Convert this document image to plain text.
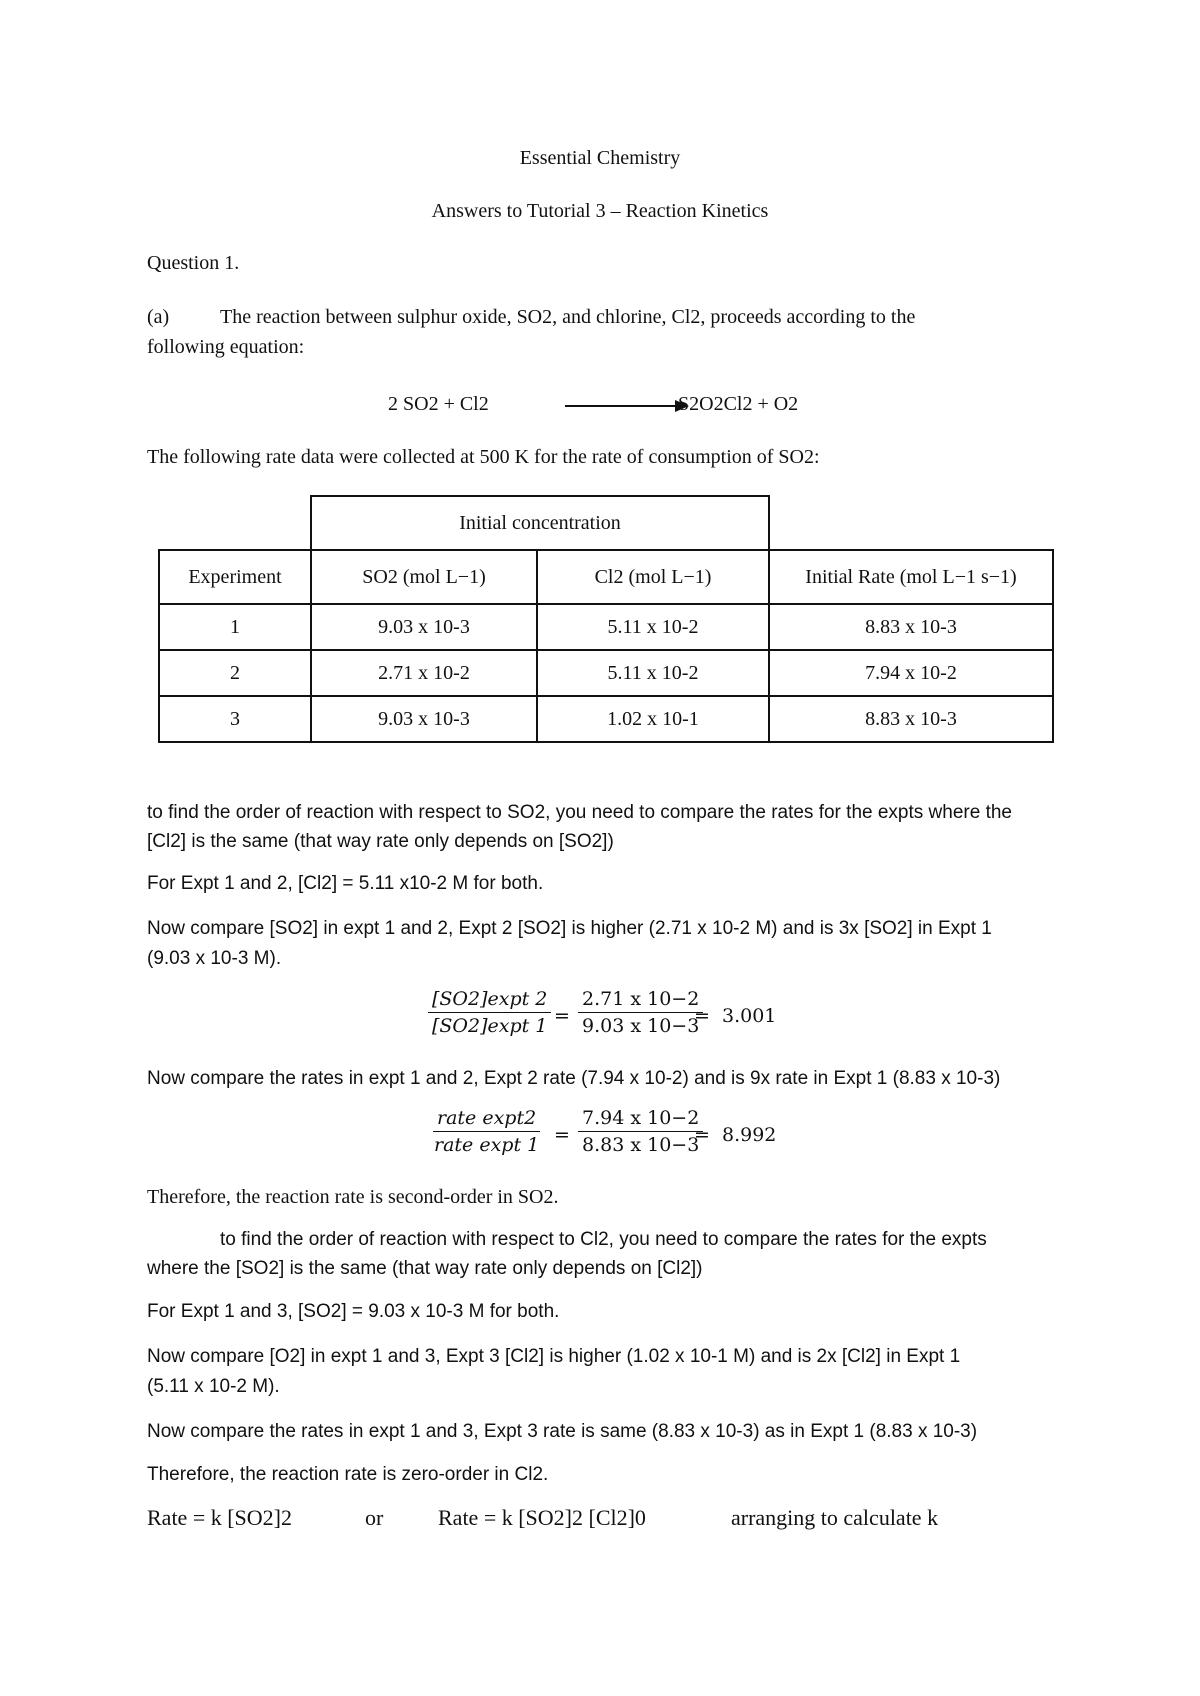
Essential Chemistry
Answers to Tutorial 3 – Reaction Kinetics
Question 1.
(a)	The reaction between sulphur oxide, SO2, and chlorine, Cl2, proceeds according to the
following equation:
2 SO2 + Cl2	S2O2Cl2 + O2
The following rate data were collected at 500 K for the rate of consumption of SO2:
	Initial concentration		
Experiment	SO2 (mol L−1)	Cl2 (mol L−1)	Initial Rate (mol L−1 s−1)
1	9.03 x 10-3	5.11 x 10-2	8.83 x 10-3
2	2.71 x 10-2	5.11 x 10-2	7.94 x 10-2
3	9.03 x 10-3	1.02 x 10-1	8.83 x 10-3
to find the order of reaction with respect to SO2, you need to compare the rates for the expts where the
[Cl2] is the same (that way rate only depends on [SO2])
For Expt 1 and 2, [Cl2] = 5.11 x10-2 M for both.
Now compare [SO2] in expt 1 and 2, Expt 2 [SO2] is higher (2.71 x 10-2 M) and is 3x [SO2] in Expt 1
(9.03 x 10-3 M).
$\frac{[SO2]\exp t 2}{[SO2]\exp t 1} = \frac{2.71 x 10-2}{9.03 x 10-3}$
= 3.001
Now compare the rates in expt 1 and 2, Expt 2 rate (7.94 x 10-2) and is 9x rate in Expt 1 (8.83 x 10-3)
rate expt2
rate expt $1 = \frac{7.94 x 10-2}{8.83 x 10-3}$
= 8.992
Therefore, the reaction rate is second-order in SO2.
to find the order of reaction with respect to Cl2, you need to compare the rates for the expts
where the [SO2] is the same (that way rate only depends on [Cl2])
For Expt 1 and 3, [SO2] = 9.03 x 10-3 M for both.
Now compare [O2] in expt 1 and 3, Expt 3 [Cl2] is higher (1.02 x 10-1 M) and is 2x [Cl2] in Expt 1
(5.11 x 10-2 M).
Now compare the rates in expt 1 and 3, Expt 3 rate is same (8.83 x 10-3) as in Expt 1 (8.83 x 10-3)
Therefore, the reaction rate is zero-order in Cl2.
Rate = k [SO2]2	or Rate = k [SO2]2 [Cl2]0	arranging to calculate k
